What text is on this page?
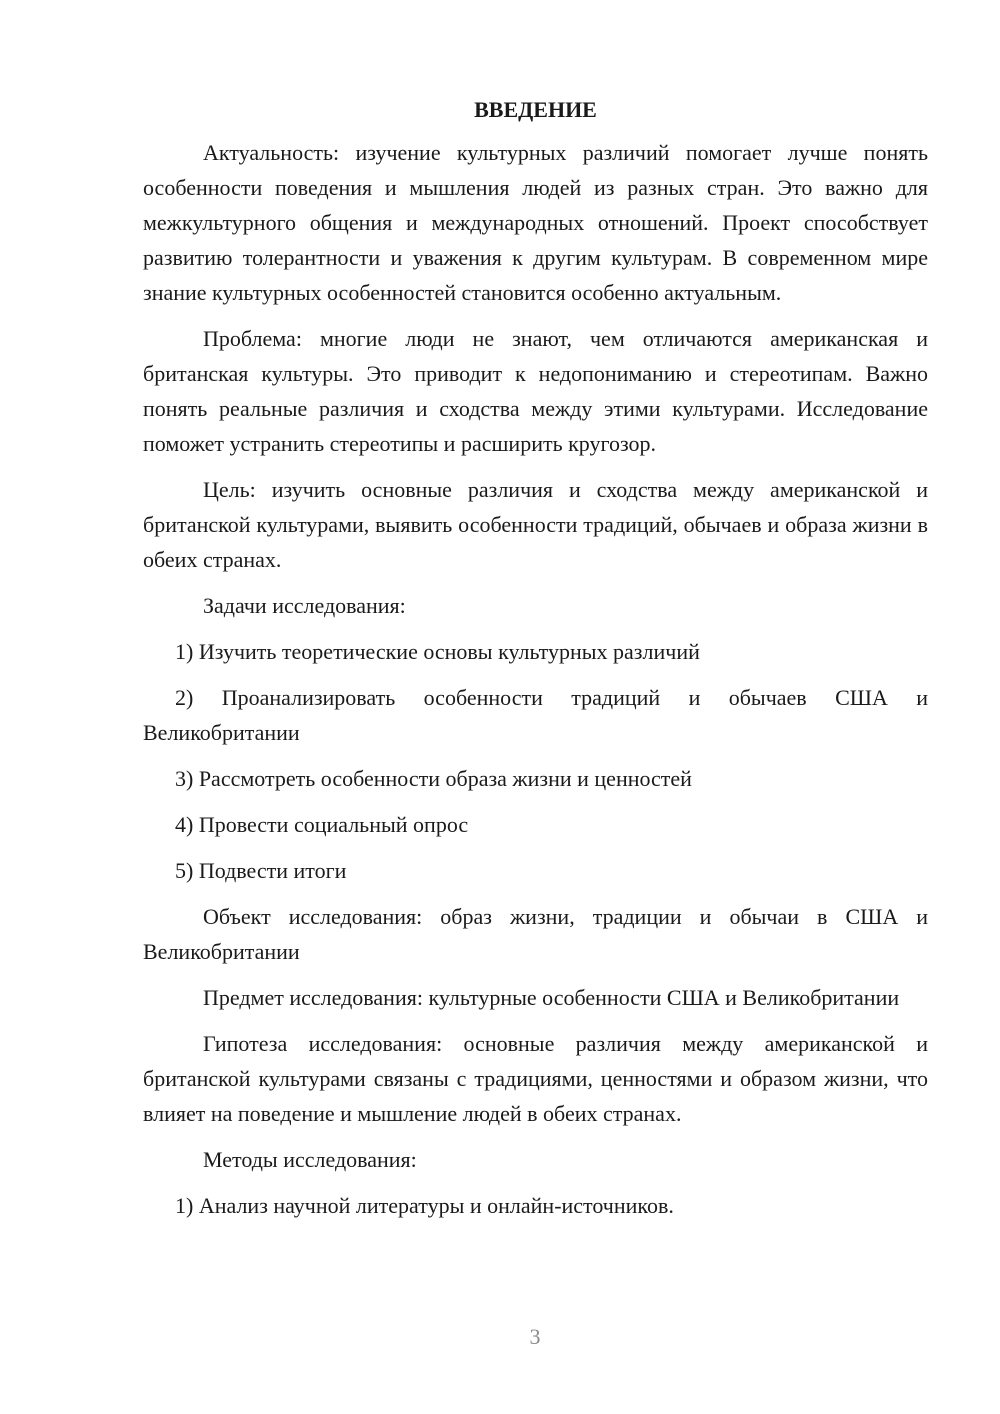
ВВЕДЕНИЕ

Актуальность: изучение культурных различий помогает лучше понять особенности поведения и мышления людей из разных стран. Это важно для межкультурного общения и международных отношений. Проект способствует развитию толерантности и уважения к другим культурам. В современном мире знание культурных особенностей становится особенно актуальным.

Проблема: многие люди не знают, чем отличаются американская и британская культуры. Это приводит к недопониманию и стереотипам. Важно понять реальные различия и сходства между этими культурами. Исследование поможет устранить стереотипы и расширить кругозор.

Цель: изучить основные различия и сходства между американской и британской культурами, выявить особенности традиций, обычаев и образа жизни в обеих странах.

Задачи исследования:

1) Изучить теоретические основы культурных различий

2) Проанализировать особенности традиций и обычаев США и Великобритании

3) Рассмотреть особенности образа жизни и ценностей

4) Провести социальный опрос

5) Подвести итоги

Объект исследования: образ жизни, традиции и обычаи в США и Великобритании

Предмет исследования: культурные особенности США и Великобритании

Гипотеза исследования: основные различия между американской и британской культурами связаны с традициями, ценностями и образом жизни, что влияет на поведение и мышление людей в обеих странах.

Методы исследования:

1) Анализ научной литературы и онлайн-источников.

3
